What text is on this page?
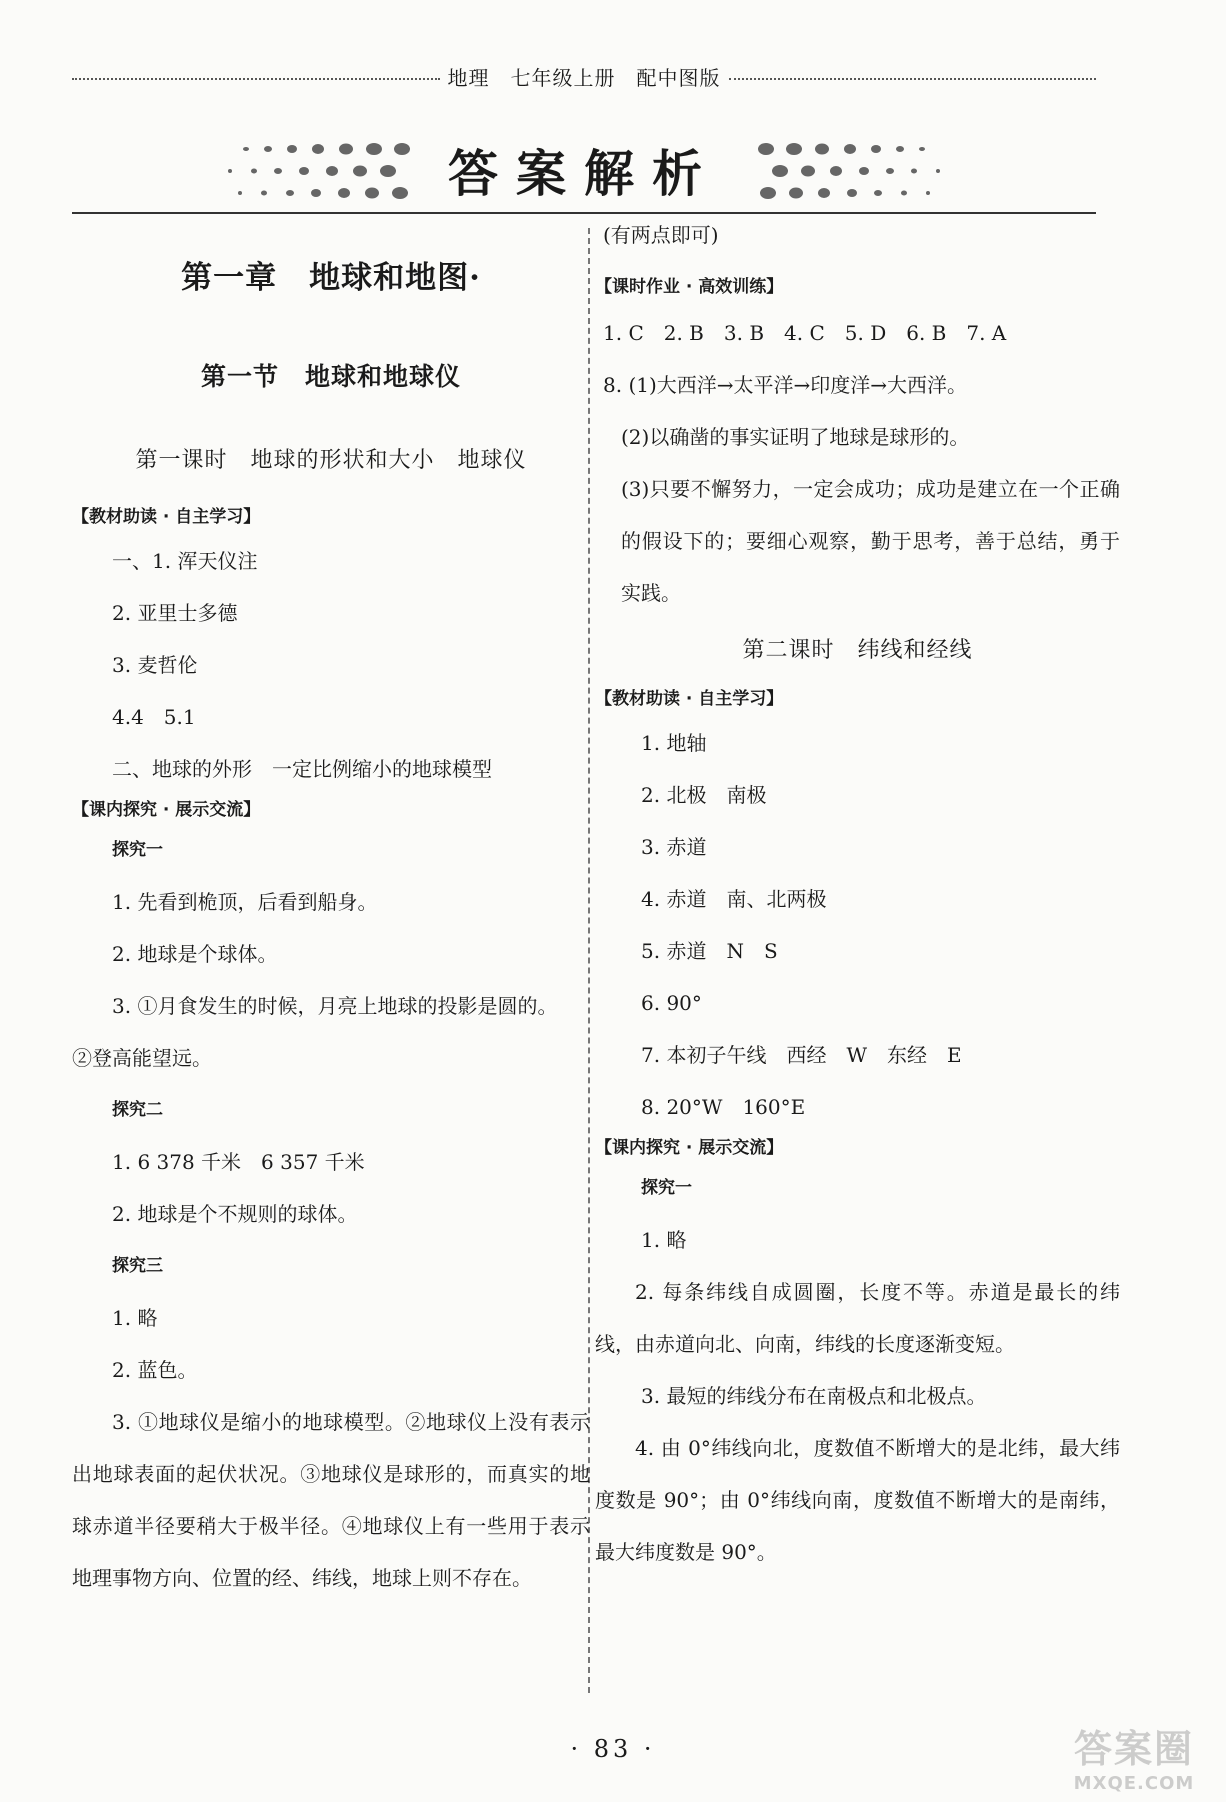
地理　七年级上册　配中图版
答案解析
第一章　地球和地图·
第一节　地球和地球仪
第一课时　地球的形状和大小　地球仪
【教材助读 · 自主学习】

一、1. 浑天仪注

2. 亚里士多德

3. 麦哲伦

4.4　5.1

二、地球的外形　一定比例缩小的地球模型

【课内探究 · 展示交流】

探究一

1. 先看到桅顶，后看到船身。

2. 地球是个球体。

3. ①月食发生的时候，月亮上地球的投影是圆的。

②登高能望远。

探究二

1. 6 378 千米　6 357 千米

2. 地球是个不规则的球体。

探究三

1. 略

2. 蓝色。

3. ①地球仪是缩小的地球模型。②地球仪上没有表示出地球表面的起伏状况。③地球仪是球形的，而真实的地球赤道半径要稍大于极半径。④地球仪上有一些用于表示地理事物方向、位置的经、纬线，地球上则不存在。

(有两点即可)

【课时作业 · 高效训练】

1. C　2. B　3. B　4. C　5. D　6. B　7. A

8. (1)大西洋→太平洋→印度洋→大西洋。

(2)以确凿的事实证明了地球是球形的。

(3)只要不懈努力，一定会成功；成功是建立在一个正确的假设下的；要细心观察，勤于思考，善于总结，勇于实践。

第二课时　纬线和经线
【教材助读 · 自主学习】

1. 地轴

2. 北极　南极

3. 赤道

4. 赤道　南、北两极

5. 赤道　N　S

6. 90°

7. 本初子午线　西经　W　东经　E

8. 20°W　160°E

【课内探究 · 展示交流】

探究一

1. 略

2. 每条纬线自成圆圈，长度不等。赤道是最长的纬线，由赤道向北、向南，纬线的长度逐渐变短。

3. 最短的纬线分布在南极点和北极点。

4. 由 0°纬线向北，度数值不断增大的是北纬，最大纬度数是 90°；由 0°纬线向南，度数值不断增大的是南纬，最大纬度数是 90°。

· 83 ·	答案圈
MXQE.COM
